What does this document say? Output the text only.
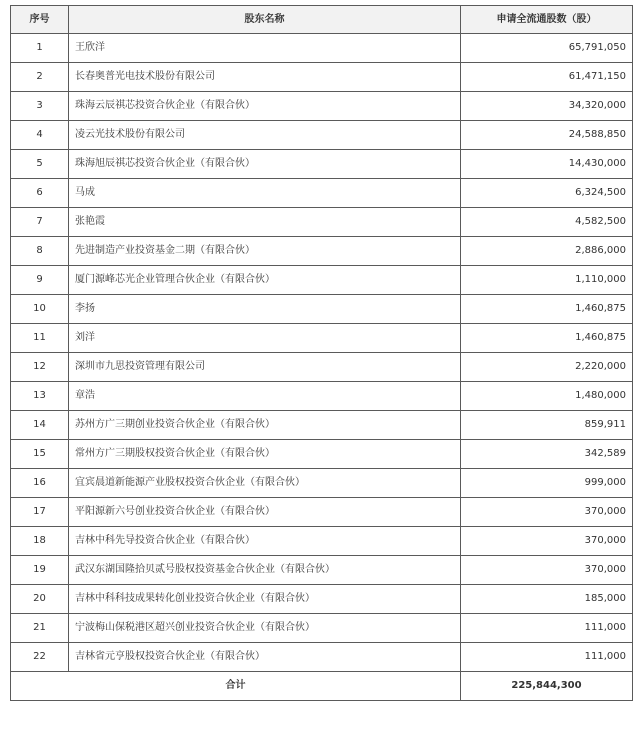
序号	股东名称	申请全流通股数（股）
1	王欣洋	65,791,050
2	长春奥普光电技术股份有限公司	61,471,150
3	珠海云辰祺芯投资合伙企业（有限合伙）	34,320,000
4	凌云光技术股份有限公司	24,588,850
5	珠海旭辰祺芯投资合伙企业（有限合伙）	14,430,000
6	马成	6,324,500
7	张艳霞	4,582,500
8	先进制造产业投资基金二期（有限合伙）	2,886,000
9	厦门源峰芯光企业管理合伙企业（有限合伙）	1,110,000
10	李扬	1,460,875
11	刘洋	1,460,875
12	深圳市九思投资管理有限公司	2,220,000
13	章浩	1,480,000
14	苏州方广三期创业投资合伙企业（有限合伙）	859,911
15	常州方广三期股权投资合伙企业（有限合伙）	342,589
16	宜宾晨道新能源产业股权投资合伙企业（有限合伙）	999,000
17	平阳源新六号创业投资合伙企业（有限合伙）	370,000
18	吉林中科先导投资合伙企业（有限合伙）	370,000
19	武汉东湖国隆拾贝贰号股权投资基金合伙企业（有限合伙）	370,000
20	吉林中科科技成果转化创业投资合伙企业（有限合伙）	185,000
21	宁波梅山保税港区超兴创业投资合伙企业（有限合伙）	111,000
22	吉林省元亨股权投资合伙企业（有限合伙）	111,000
合计		225,844,300
